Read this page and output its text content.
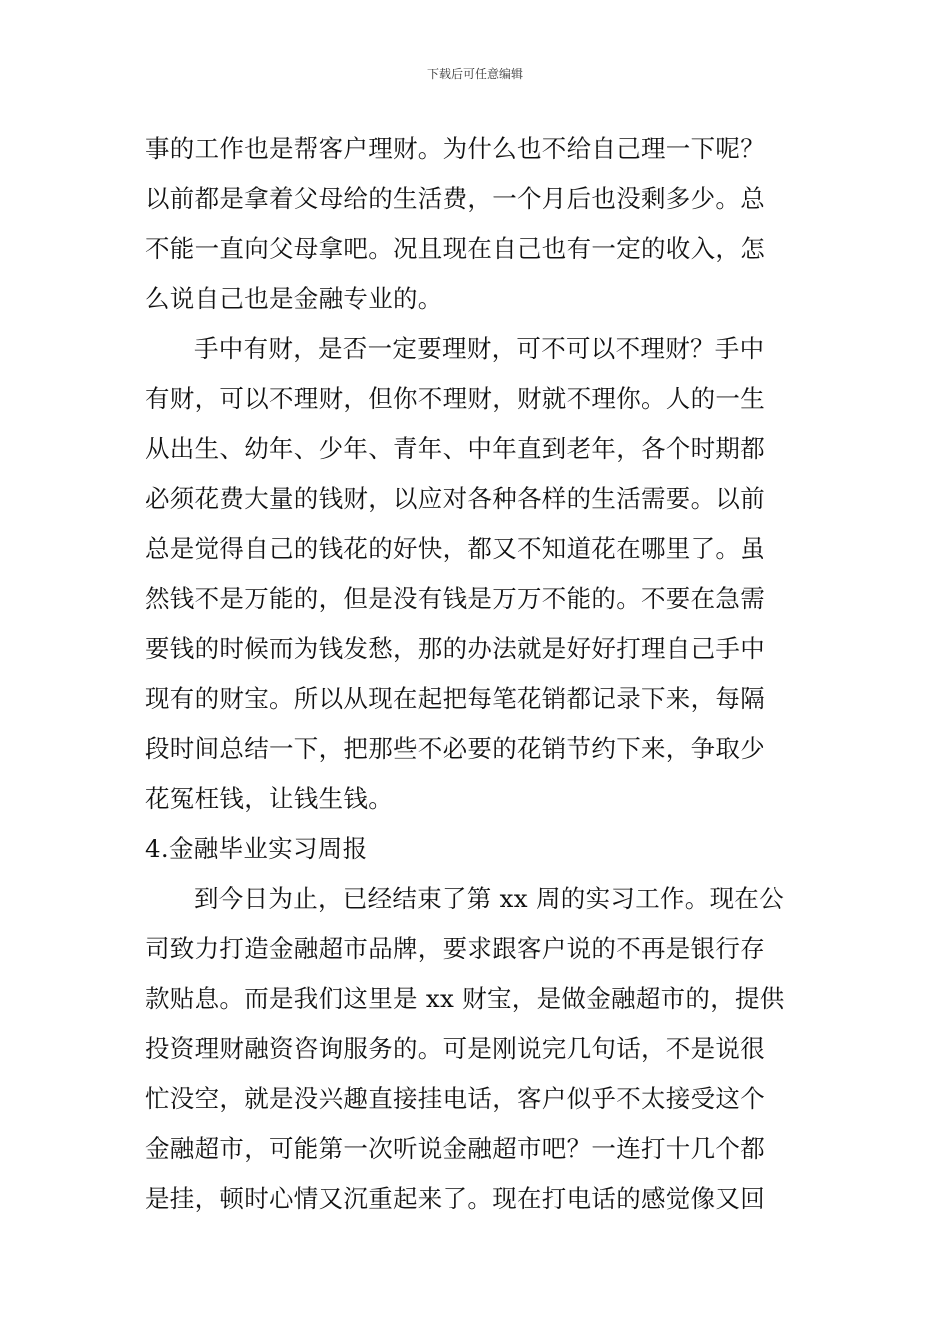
下载后可任意编辑
事的工作也是帮客户理财。为什么也不给自己理一下呢？
以前都是拿着父母给的生活费，一个月后也没剩多少。总
不能一直向父母拿吧。况且现在自己也有一定的收入，怎
么说自己也是金融专业的。
手中有财，是否一定要理财，可不可以不理财？手中
有财，可以不理财，但你不理财，财就不理你。人的一生
从出生、幼年、少年、青年、中年直到老年，各个时期都
必须花费大量的钱财，以应对各种各样的生活需要。以前
总是觉得自己的钱花的好快，都又不知道花在哪里了。虽
然钱不是万能的，但是没有钱是万万不能的。不要在急需
要钱的时候而为钱发愁，那的办法就是好好打理自己手中
现有的财宝。所以从现在起把每笔花销都记录下来，每隔
段时间总结一下，把那些不必要的花销节约下来，争取少
花冤枉钱，让钱生钱。
4.金融毕业实习周报
到今日为止，已经结束了第 xx 周的实习工作。现在公
司致力打造金融超市品牌，要求跟客户说的不再是银行存
款贴息。而是我们这里是 xx 财宝，是做金融超市的，提供
投资理财融资咨询服务的。可是刚说完几句话，不是说很
忙没空，就是没兴趣直接挂电话，客户似乎不太接受这个
金融超市，可能第一次听说金融超市吧？一连打十几个都
是挂，顿时心情又沉重起来了。现在打电话的感觉像又回
